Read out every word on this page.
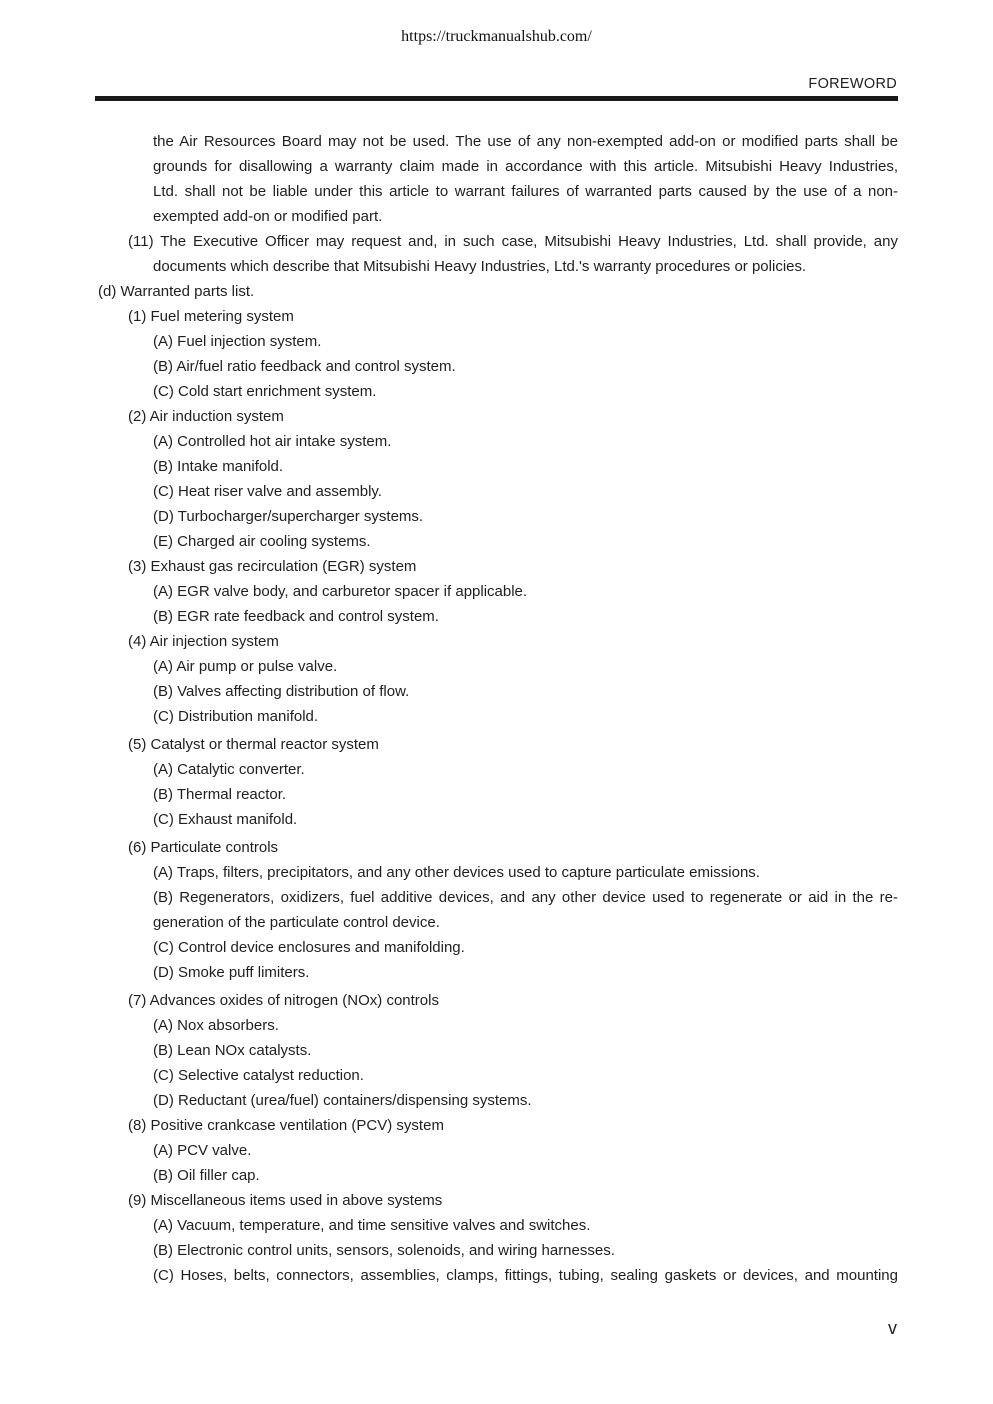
https://truckmanualshub.com/
FOREWORD
the Air Resources Board may not be used. The use of any non-exempted add-on or modified parts shall be
grounds for disallowing a warranty claim made in accordance with this article. Mitsubishi Heavy Industries,
Ltd. shall not be liable under this article to warrant failures of warranted parts caused by the use of a non-
exempted add-on or modified part.
(11) The Executive Officer may request and, in such case, Mitsubishi Heavy Industries, Ltd. shall provide, any
documents which describe that Mitsubishi Heavy Industries, Ltd.'s warranty procedures or policies.
(d) Warranted parts list.
(1) Fuel metering system
(A) Fuel injection system.
(B) Air/fuel ratio feedback and control system.
(C) Cold start enrichment system.
(2) Air induction system
(A) Controlled hot air intake system.
(B) Intake manifold.
(C) Heat riser valve and assembly.
(D) Turbocharger/supercharger systems.
(E) Charged air cooling systems.
(3) Exhaust gas recirculation (EGR) system
(A) EGR valve body, and carburetor spacer if applicable.
(B) EGR rate feedback and control system.
(4) Air injection system
(A) Air pump or pulse valve.
(B) Valves affecting distribution of flow.
(C) Distribution manifold.
(5) Catalyst or thermal reactor system
(A) Catalytic converter.
(B) Thermal reactor.
(C) Exhaust manifold.
(6) Particulate controls
(A) Traps, filters, precipitators, and any other devices used to capture particulate emissions.
(B) Regenerators, oxidizers, fuel additive devices, and any other device used to regenerate or aid in the re-
generation of the particulate control device.
(C) Control device enclosures and manifolding.
(D) Smoke puff limiters.
(7) Advances oxides of nitrogen (NOx) controls
(A) Nox absorbers.
(B) Lean NOx catalysts.
(C) Selective catalyst reduction.
(D) Reductant (urea/fuel) containers/dispensing systems.
(8) Positive crankcase ventilation (PCV) system
(A) PCV valve.
(B) Oil filler cap.
(9) Miscellaneous items used in above systems
(A) Vacuum, temperature, and time sensitive valves and switches.
(B) Electronic control units, sensors, solenoids, and wiring harnesses.
(C) Hoses, belts, connectors, assemblies, clamps, fittings, tubing, sealing gaskets or devices, and mounting
v
